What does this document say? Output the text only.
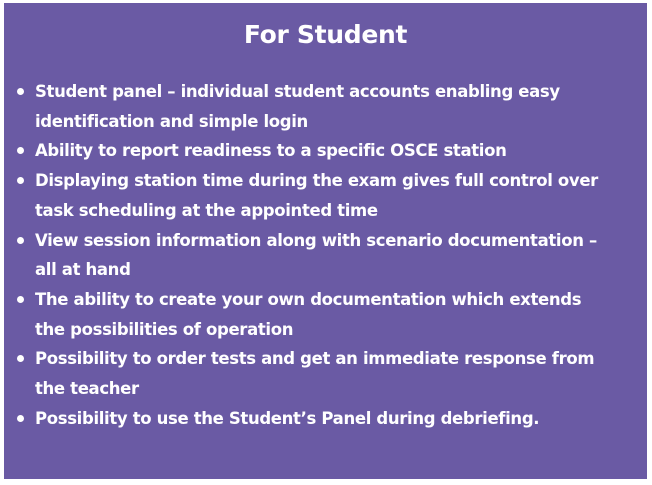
For Student
Student panel – individual student accounts enabling easy identification and simple login
Ability to report readiness to a specific OSCE station
Displaying station time during the exam gives full control over task scheduling at the appointed time
View session information along with scenario documentation – all at hand
The ability to create your own documentation which extends the possibilities of operation
Possibility to order tests and get an immediate response from the teacher
Possibility to use the Student’s Panel during debriefing.
